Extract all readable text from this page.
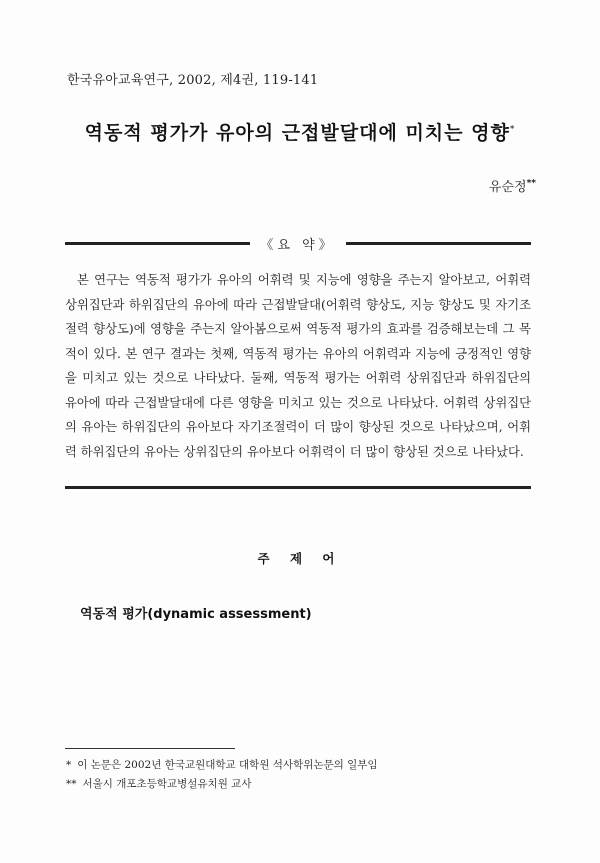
한국유아교육연구, 2002, 제4권, 119-141
역동적 평가가 유아의 근접발달대에 미치는 영향*
유순정**
《요 약》

본 연구는 역동적 평가가 유아의 어휘력 및 지능에 영향을 주는지 알아보고, 어휘력 상위집단과 하위집단의 유아에 따라 근접발달대(어휘력 향상도, 지능 향상도 및 자기조절력 향상도)에 영향을 주는지 알아봄으로써 역동적 평가의 효과를 검증해보는데 그 목적이 있다. 본 연구 결과는 첫째, 역동적 평가는 유아의 어휘력과 지능에 긍정적인 영향을 미치고 있는 것으로 나타났다. 둘째, 역동적 평가는 어휘력 상위집단과 하위집단의 유아에 따라 근접발달대에 다른 영향을 미치고 있는 것으로 나타났다. 어휘력 상위집단의 유아는 하위집단의 유아보다 자기조절력이 더 많이 향상된 것으로 나타났으며, 어휘력 하위집단의 유아는 상위집단의 유아보다 어휘력이 더 많이 향상된 것으로 나타났다.

주 제 어
역동적 평가(dynamic assessment)
* 이 논문은 2002년 한국교원대학교 대학원 석사학위논문의 일부임
** 서울시 개포초등학교병설유치원 교사
